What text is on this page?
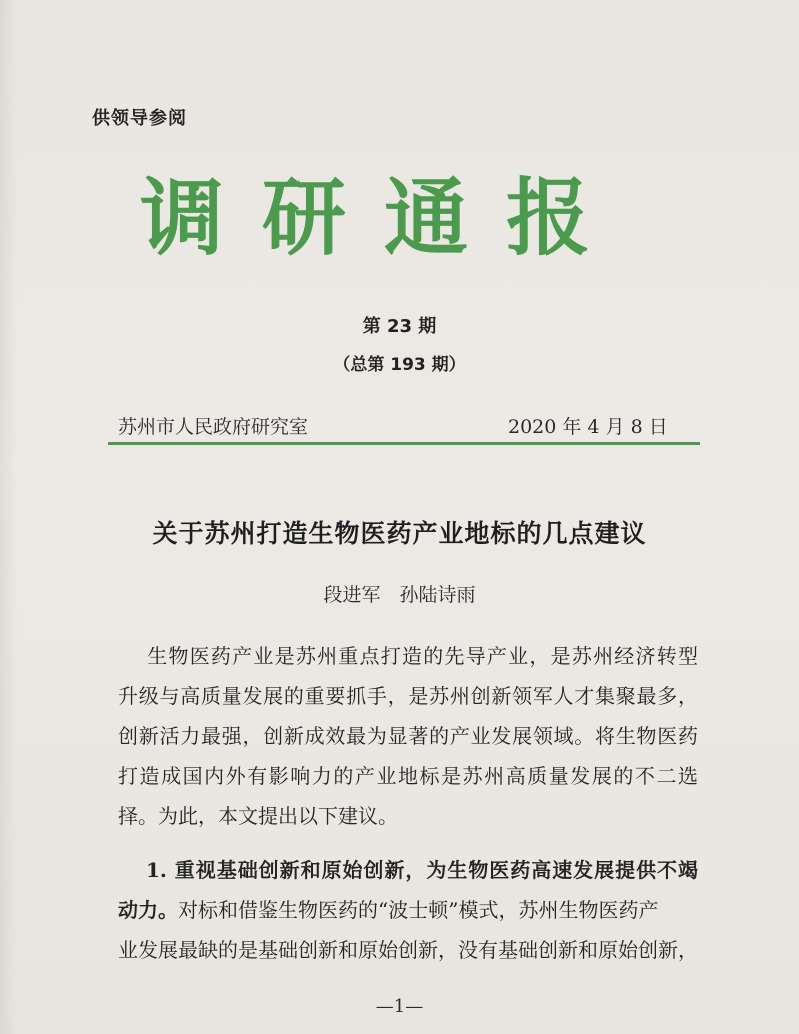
供领导参阅
调研通报
第 23 期
（总第 193 期）
苏州市人民政府研究室	2020 年 4 月 8 日
关于苏州打造生物医药产业地标的几点建议
段进军　孙陆诗雨
生物医药产业是苏州重点打造的先导产业，是苏州经济转型
升级与高质量发展的重要抓手，是苏州创新领军人才集聚最多，
创新活力最强，创新成效最为显著的产业发展领域。将生物医药
打造成国内外有影响力的产业地标是苏州高质量发展的不二选
择。为此，本文提出以下建议。
1. 重视基础创新和原始创新，为生物医药高速发展提供不竭
动力。对标和借鉴生物医药的“波士顿”模式，苏州生物医药产
业发展最缺的是基础创新和原始创新，没有基础创新和原始创新，
—1—
